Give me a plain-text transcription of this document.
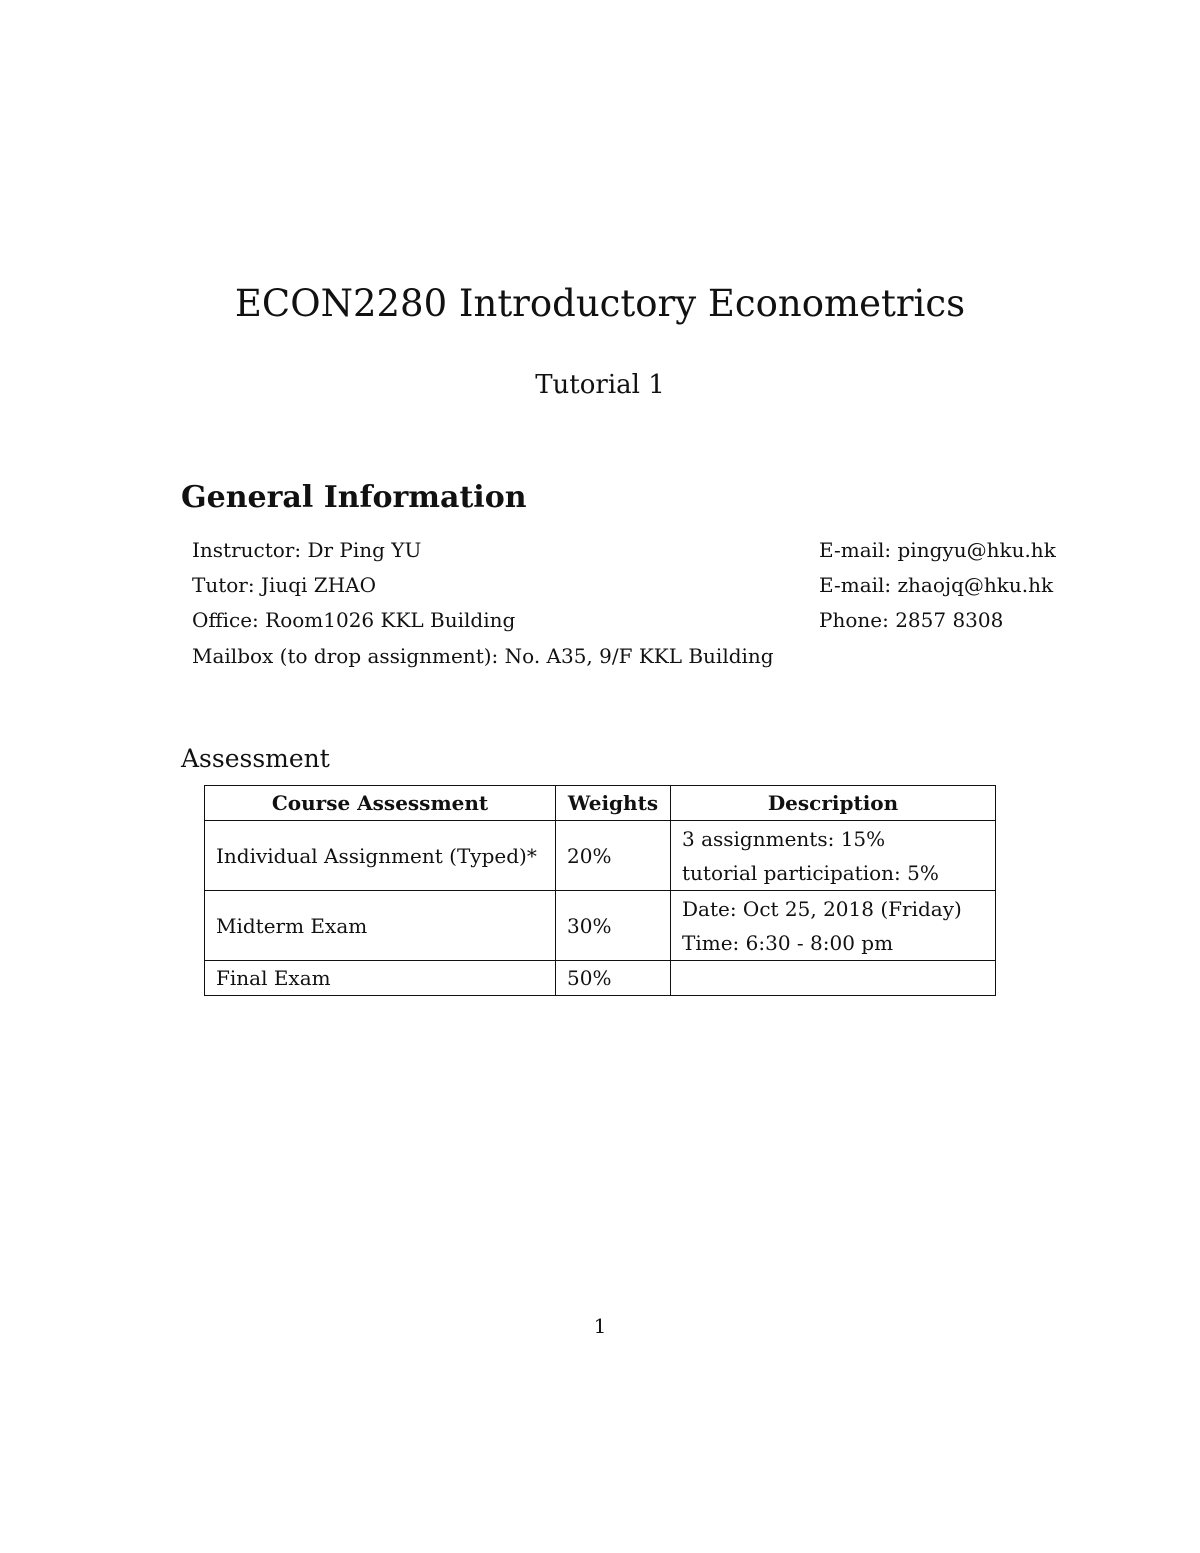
ECON2280 Introductory Econometrics
Tutorial 1
General Information
Instructor: Dr Ping YU	E-mail: pingyu@hku.hk
Tutor: Jiuqi ZHAO	E-mail: zhaojq@hku.hk
Office: Room1026 KKL Building	Phone: 2857 8308
Mailbox (to drop assignment): No. A35, 9/F KKL Building
Assessment
Course Assessment	Weights	Description
Individual Assignment (Typed)*	20%	3 assignments: 15%
tutorial participation: 5%

Midterm Exam	30%	Date: Oct 25, 2018 (Friday)
Time: 6:30 - 8:00 pm

Final Exam	50%	
1
